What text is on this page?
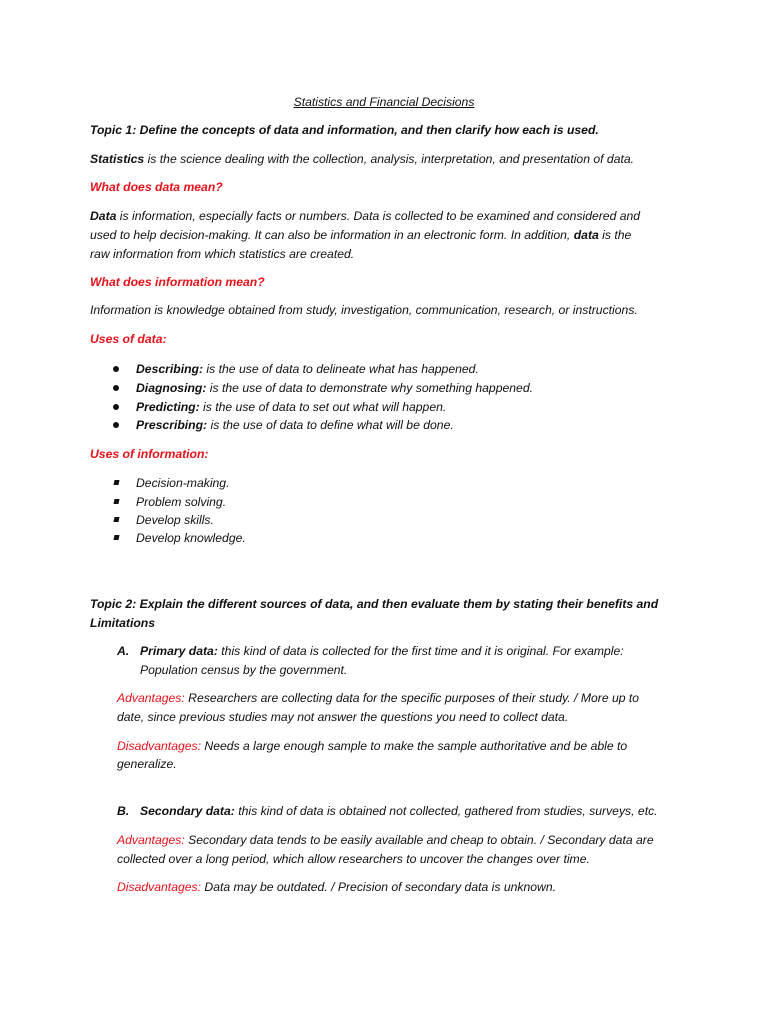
Statistics and Financial Decisions
Topic 1: Define the concepts of data and information, and then clarify how each is used.
Statistics is the science dealing with the collection, analysis, interpretation, and presentation of data.
What does data mean?
Data is information, especially facts or numbers. Data is collected to be examined and considered and
used to help decision-making. It can also be information in an electronic form. In addition, data is the
raw information from which statistics are created.
What does information mean?
Information is knowledge obtained from study, investigation, communication, research, or instructions.
Uses of data:
Describing: is the use of data to delineate what has happened.
Diagnosing: is the use of data to demonstrate why something happened.
Predicting: is the use of data to set out what will happen.
Prescribing: is the use of data to define what will be done.
Uses of information:
Decision-making.
Problem solving.
Develop skills.
Develop knowledge.
Topic 2: Explain the different sources of data, and then evaluate them by stating their benefits and
Limitations
A. Primary data: this kind of data is collected for the first time and it is original. For example:
Population census by the government.
Advantages: Researchers are collecting data for the specific purposes of their study. / More up to
date, since previous studies may not answer the questions you need to collect data.
Disadvantages: Needs a large enough sample to make the sample authoritative and be able to
generalize.
B. Secondary data: this kind of data is obtained not collected, gathered from studies, surveys, etc.
Advantages: Secondary data tends to be easily available and cheap to obtain. / Secondary data are
collected over a long period, which allow researchers to uncover the changes over time.
Disadvantages: Data may be outdated. / Precision of secondary data is unknown.
